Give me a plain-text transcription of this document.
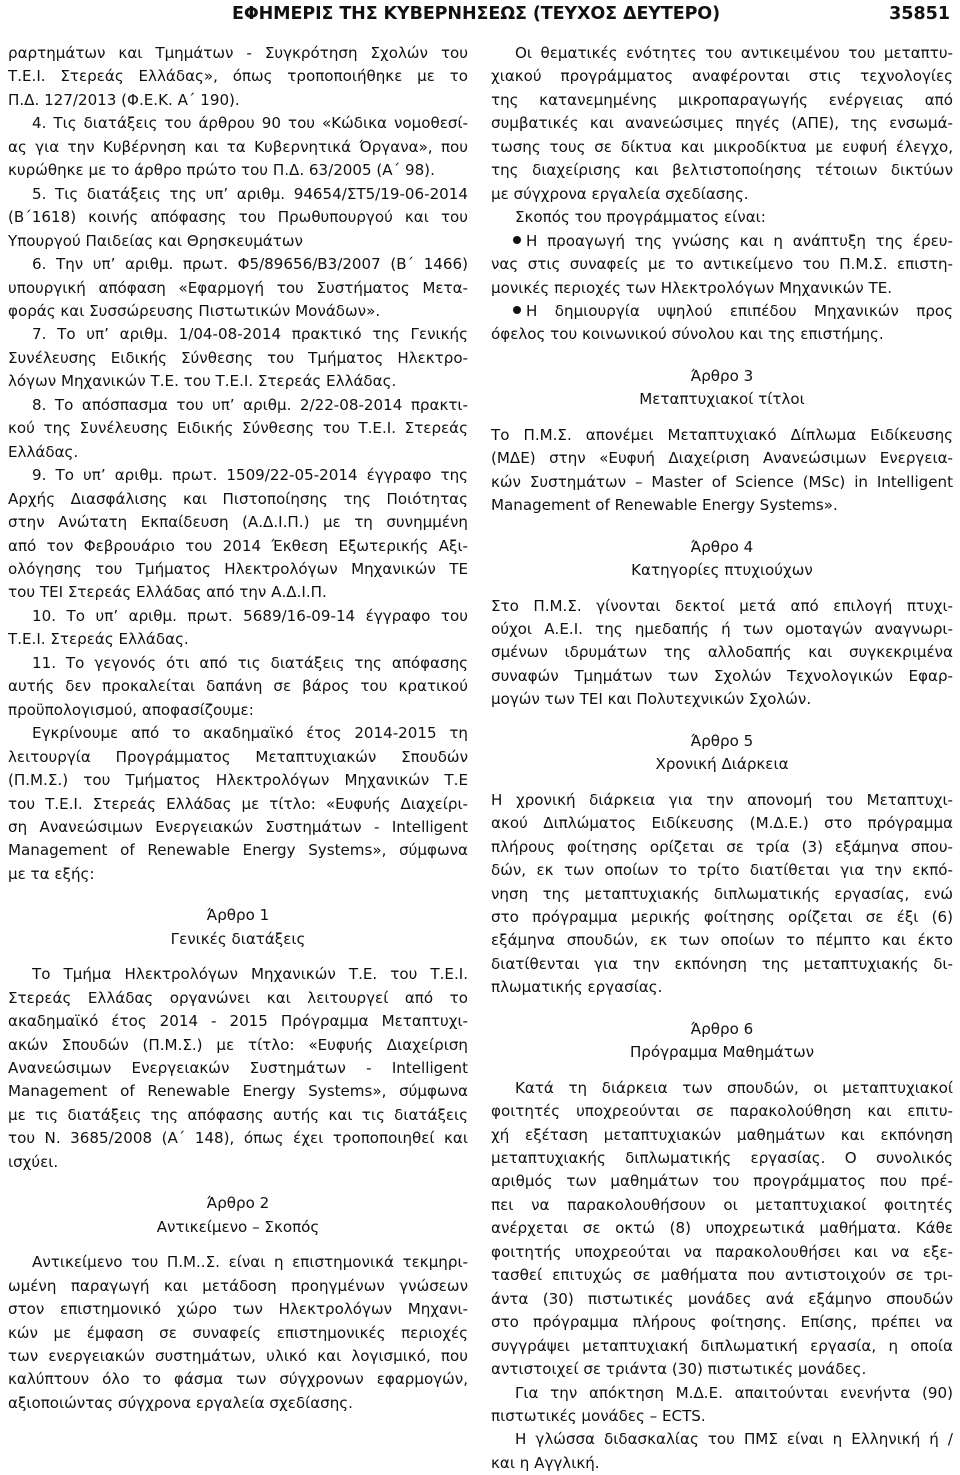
ΕΦΗΜΕΡΙΣ ΤΗΣ ΚΥΒΕΡΝΗΣΕΩΣ (ΤΕΥΧΟΣ ΔΕΥΤΕΡΟ)	35851

ραρτημάτων και Τμημάτων - Συγκρότηση Σχολών του

Τ.Ε.Ι. Στερεάς Ελλάδας», όπως τροποποιήθηκε με το

Π.Δ. 127/2013 (Φ.Ε.Κ. Α΄ 190).

4. Τις διατάξεις του άρθρου 90 του «Κώδικα νομοθεσί-

ας για την Κυβέρνηση και τα Κυβερνητικά Όργανα», που

κυρώθηκε με το άρθρο πρώτο του Π.Δ. 63/2005 (Α΄ 98).

5. Τις διατάξεις της υπ’ αριθμ. 94654/ΣΤ5/19-06-2014

(Β΄1618) κοινής απόφασης του Πρωθυπουργού και του

Υπουργού Παιδείας και Θρησκευμάτων

6. Την υπ’ αριθμ. πρωτ. Φ5/89656/Β3/2007 (Β΄ 1466)

υπουργική απόφαση «Εφαρμογή του Συστήματος Μετα-

φοράς και Συσσώρευσης Πιστωτικών Μονάδων».

7. Το υπ’ αριθμ. 1/04-08-2014 πρακτικό της Γενικής

Συνέλευσης Ειδικής Σύνθεσης του Τμήματος Ηλεκτρο-

λόγων Μηχανικών Τ.Ε. του Τ.Ε.Ι. Στερεάς Ελλάδας.

8. Το απόσπασμα του υπ’ αριθμ. 2/22-08-2014 πρακτι-

κού της Συνέλευσης Ειδικής Σύνθεσης του Τ.Ε.Ι. Στερεάς

Ελλάδας.

9. Το υπ’ αριθμ. πρωτ. 1509/22-05-2014 έγγραφο της

Αρχής Διασφάλισης και Πιστοποίησης της Ποιότητας

στην Ανώτατη Εκπαίδευση (Α.Δ.Ι.Π.) με τη συνημμένη

από τον Φεβρουάριο του 2014 Έκθεση Εξωτερικής Αξι-

ολόγησης του Τμήματος Ηλεκτρολόγων Μηχανικών ΤΕ

του ΤΕΙ Στερεάς Ελλάδας από την Α.Δ.Ι.Π.

10. Το υπ’ αριθμ. πρωτ. 5689/16-09-14 έγγραφο του

Τ.Ε.Ι. Στερεάς Ελλάδας.

11. Το γεγονός ότι από τις διατάξεις της απόφασης

αυτής δεν προκαλείται δαπάνη σε βάρος του κρατικού

προϋπολογισμού, αποφασίζουμε:

Εγκρίνουμε από το ακαδημαϊκό έτος 2014-2015 τη

λειτουργία Προγράμματος Μεταπτυχιακών Σπουδών

(Π.Μ.Σ.) του Τμήματος Ηλεκτρολόγων Μηχανικών Τ.Ε

του Τ.Ε.Ι. Στερεάς Ελλάδας με τίτλο: «Ευφυής Διαχείρι-

ση Ανανεώσιμων Ενεργειακών Συστημάτων - Intelligent

Management of Renewable Energy Systems», σύμφωνα

με τα εξής:

Άρθρο 1

Γενικές διατάξεις

Το Τμήμα Ηλεκτρολόγων Μηχανικών Τ.Ε. του Τ.Ε.Ι.

Στερεάς Ελλάδας οργανώνει και λειτουργεί από το

ακαδημαϊκό έτος 2014 - 2015 Πρόγραμμα Μεταπτυχι-

ακών Σπουδών (Π.Μ.Σ.) με τίτλο: «Ευφυής Διαχείριση

Ανανεώσιμων Ενεργειακών Συστημάτων - Intelligent

Management of Renewable Energy Systems», σύμφωνα

με τις διατάξεις της απόφασης αυτής και τις διατάξεις

του Ν. 3685/2008 (Α΄ 148), όπως έχει τροποποιηθεί και

ισχύει.

Άρθρο 2

Αντικείμενο – Σκοπός

Αντικείμενο του Π.Μ..Σ. είναι η επιστημονικά τεκμηρι-

ωμένη παραγωγή και μετάδοση προηγμένων γνώσεων

στον επιστημονικό χώρο των Ηλεκτρολόγων Μηχανι-

κών με έμφαση σε συναφείς επιστημονικές περιοχές

των ενεργειακών συστημάτων, υλικό και λογισμικό, που

καλύπτουν όλο το φάσμα των σύγχρονων εφαρμογών,

αξιοποιώντας σύγχρονα εργαλεία σχεδίασης.

Οι θεματικές ενότητες του αντικειμένου του μεταπτυ-

χιακού προγράμματος αναφέρονται στις τεχνολογίες

της κατανεμημένης μικροπαραγωγής ενέργειας από

συμβατικές και ανανεώσιμες πηγές (ΑΠΕ), της ενσωμά-

τωσης τους σε δίκτυα και μικροδίκτυα με ευφυή έλεγχο,

της διαχείρισης και βελτιστοποίησης τέτοιων δικτύων

με σύγχρονα εργαλεία σχεδίασης.

Σκοπός του προγράμματος είναι:

Η προαγωγή της γνώσης και η ανάπτυξη της έρευ-

νας στις συναφείς με το αντικείμενο του Π.Μ.Σ. επιστη-

μονικές περιοχές των Ηλεκτρολόγων Μηχανικών ΤΕ.

Η δημιουργία υψηλού επιπέδου Μηχανικών προς

όφελος του κοινωνικού σύνολου και της επιστήμης.

Άρθρο 3

Μεταπτυχιακοί τίτλοι

Το Π.Μ.Σ. απονέμει Μεταπτυχιακό Δίπλωμα Ειδίκευσης

(ΜΔΕ) στην «Ευφυή Διαχείριση Ανανεώσιμων Ενεργεια-

κών Συστημάτων – Master of Science (MSc) in Intelligent

Management of Renewable Energy Systems».

Άρθρο 4

Κατηγορίες πτυχιούχων

Στο Π.Μ.Σ. γίνονται δεκτοί μετά από επιλογή πτυχι-

ούχοι Α.Ε.Ι. της ημεδαπής ή των ομοταγών αναγνωρι-

σμένων ιδρυμάτων της αλλοδαπής και συγκεκριμένα

συναφών Τμημάτων των Σχολών Τεχνολογικών Εφαρ-

μογών των ΤΕΙ και Πολυτεχνικών Σχολών.

Άρθρο 5

Χρονική Διάρκεια

Η χρονική διάρκεια για την απονομή του Μεταπτυχι-

ακού Διπλώματος Ειδίκευσης (Μ.Δ.Ε.) στο πρόγραμμα

πλήρους φοίτησης ορίζεται σε τρία (3) εξάμηνα σπου-

δών, εκ των οποίων το τρίτο διατίθεται για την εκπό-

νηση της μεταπτυχιακής διπλωματικής εργασίας, ενώ

στο πρόγραμμα μερικής φοίτησης ορίζεται σε έξι (6)

εξάμηνα σπουδών, εκ των οποίων το πέμπτο και έκτο

διατίθενται για την εκπόνηση της μεταπτυχιακής δι-

πλωματικής εργασίας.

Άρθρο 6

Πρόγραμμα Μαθημάτων

Κατά τη διάρκεια των σπουδών, οι μεταπτυχιακοί

φοιτητές υποχρεούνται σε παρακολούθηση και επιτυ-

χή εξέταση μεταπτυχιακών μαθημάτων και εκπόνηση

μεταπτυχιακής διπλωματικής εργασίας. Ο συνολικός

αριθμός των μαθημάτων του προγράμματος που πρέ-

πει να παρακολουθήσουν οι μεταπτυχιακοί φοιτητές

ανέρχεται σε οκτώ (8) υποχρεωτικά μαθήματα. Κάθε

φοιτητής υποχρεούται να παρακολουθήσει και να εξε-

τασθεί επιτυχώς σε μαθήματα που αντιστοιχούν σε τρι-

άντα (30) πιστωτικές μονάδες ανά εξάμηνο σπουδών

στο πρόγραμμα πλήρους φοίτησης. Επίσης, πρέπει να

συγγράψει μεταπτυχιακή διπλωματική εργασία, η οποία

αντιστοιχεί σε τριάντα (30) πιστωτικές μονάδες.

Για την απόκτηση Μ.Δ.Ε. απαιτούνται ενενήντα (90)

πιστωτικές μονάδες – ECTS.

Η γλώσσα διδασκαλίας του ΠΜΣ είναι η Ελληνική ή /

και η Αγγλική.
